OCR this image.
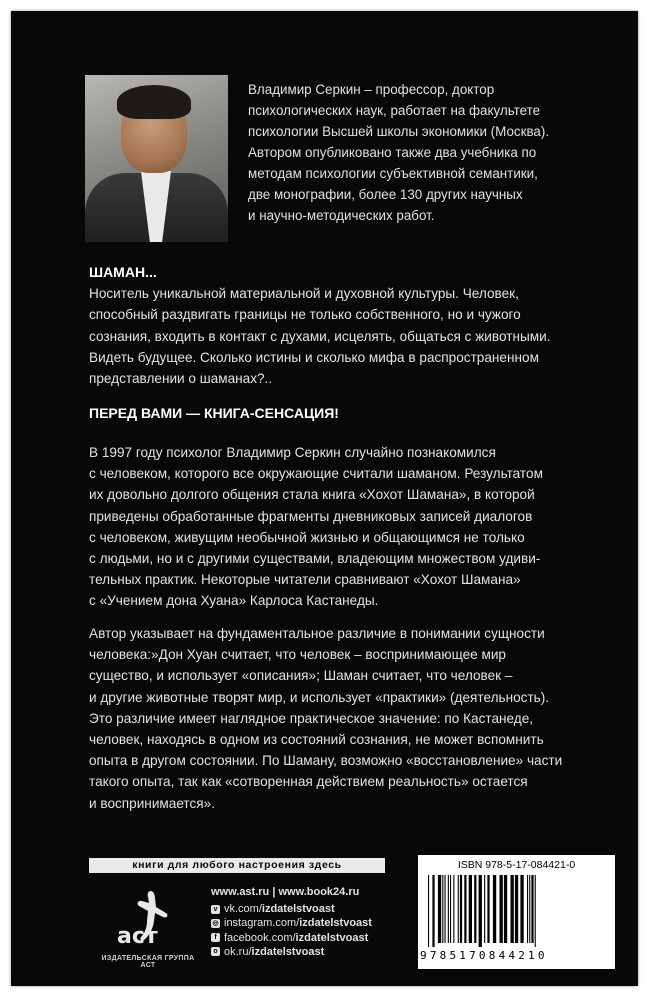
Владимир Серкин – профессор, доктор
психологических наук, работает на факультете
психологии Высшей школы экономики (Москва).
Автором опубликовано также два учебника по
методам психологии субъективной семантики,
две монографии, более 130 других научных
и научно-методических работ.
ШАМАН...
Носитель уникальной материальной и духовной культуры. Человек,
способный раздвигать границы не только собственного, но и чужого
сознания, входить в контакт с духами, исцелять, общаться с животными.
Видеть будущее. Сколько истины и сколько мифа в распространенном
представлении о шаманах?..
ПЕРЕД ВАМИ — КНИГА-СЕНСАЦИЯ!
В 1997 году психолог Владимир Серкин случайно познакомился
с человеком, которого все окружающие считали шаманом. Результатом
их довольно долгого общения стала книга «Хохот Шамана», в которой
приведены обработанные фрагменты дневниковых записей диалогов
с человеком, живущим необычной жизнью и общающимся не только
с людьми, но и с другими существами, владеющим множеством удиви-
тельных практик. Некоторые читатели сравнивают «Хохот Шамана»
с «Учением дона Хуана» Карлоса Кастанеды.
Автор указывает на фундаментальное различие в понимании сущности
человека:»Дон Хуан считает, что человек – воспринимающее мир
существо, и использует «описания»; Шаман считает, что человек –
и другие животные творят мир, и использует «практики» (деятельность).
Это различие имеет наглядное практическое значение: по Кастанеде,
человек, находясь в одном из состояний сознания, не может вспомнить
опыта в другом состоянии. По Шаману, возможно «восстановление» части
такого опыта, так как «сотворенная действием реальность» остается
и воспринимается».
книги для любого настроения здесь
аст
ИЗДАТЕЛЬСКАЯ ГРУППА АСТ
www.ast.ru | www.book24.ru
v vk.com/ izdatelstvoast
◎ instagram.com/ izdatelstvoast
f facebook.com/ izdatelstvoast
o ok.ru/ izdatelstvoast
ISBN 978-5-17-084421-0
9785170844210
